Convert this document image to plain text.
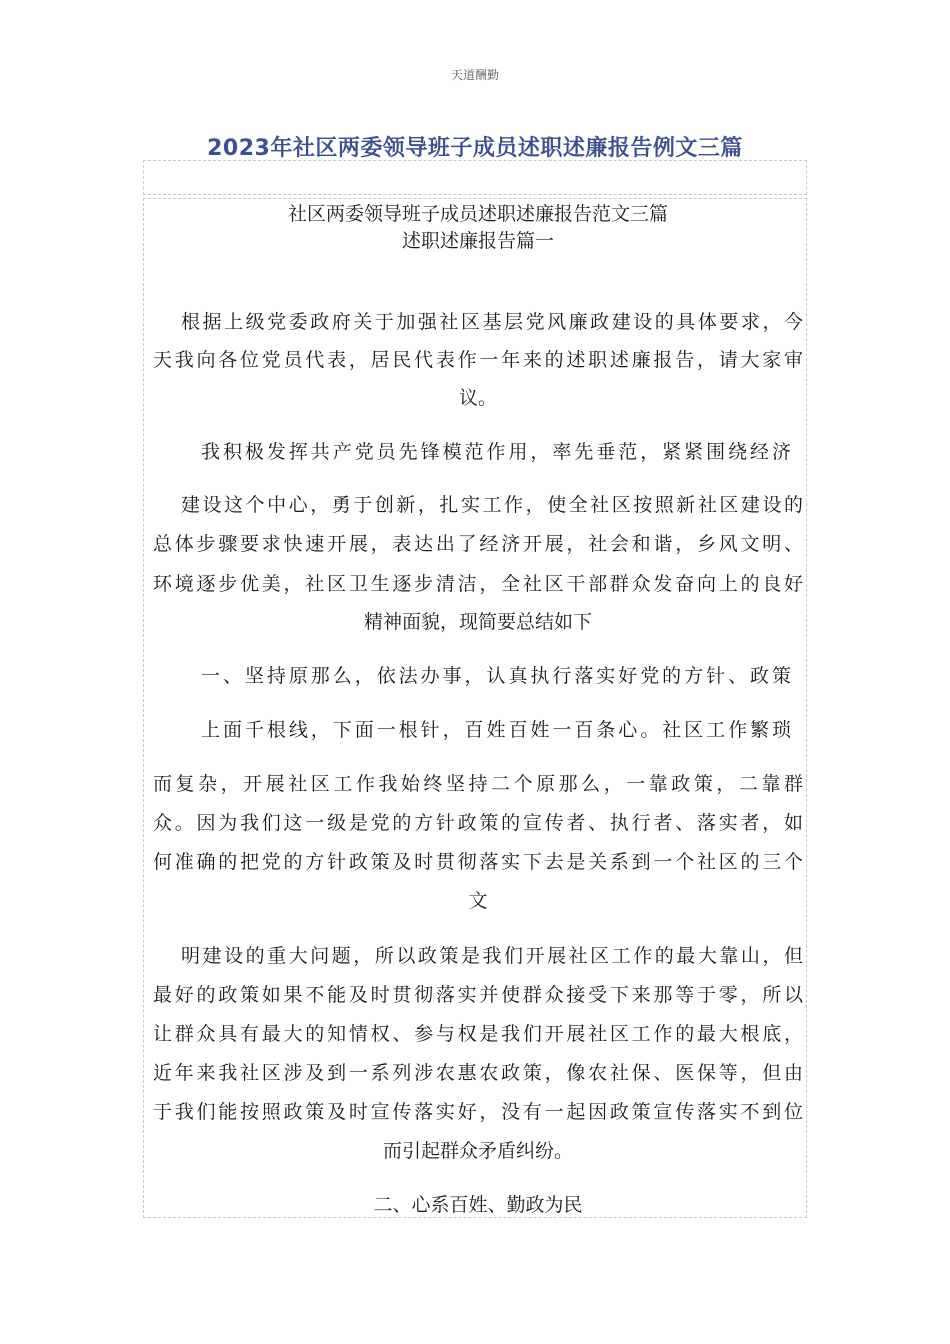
天道酬勤
2023年社区两委领导班子成员述职述廉报告例文三篇
社区两委领导班子成员述职述廉报告范文三篇
述职述廉报告篇一
根据上级党委政府关于加强社区基层党风廉政建设的具体要求，今
天我向各位党员代表，居民代表作一年来的述职述廉报告，请大家审
议。
我积极发挥共产党员先锋模范作用，率先垂范，紧紧围绕经济
建设这个中心，勇于创新，扎实工作，使全社区按照新社区建设的
总体步骤要求快速开展，表达出了经济开展，社会和谐，乡风文明、
环境逐步优美，社区卫生逐步清洁，全社区干部群众发奋向上的良好
精神面貌，现简要总结如下
一、坚持原那么，依法办事，认真执行落实好党的方针、政策
上面千根线，下面一根针，百姓百姓一百条心。社区工作繁琐
而复杂，开展社区工作我始终坚持二个原那么，一靠政策，二靠群
众。因为我们这一级是党的方针政策的宣传者、执行者、落实者，如
何准确的把党的方针政策及时贯彻落实下去是关系到一个社区的三个
文
明建设的重大问题，所以政策是我们开展社区工作的最大靠山，但
最好的政策如果不能及时贯彻落实并使群众接受下来那等于零，所以
让群众具有最大的知情权、参与权是我们开展社区工作的最大根底，
近年来我社区涉及到一系列涉农惠农政策，像农社保、医保等，但由
于我们能按照政策及时宣传落实好，没有一起因政策宣传落实不到位
而引起群众矛盾纠纷。
二、心系百姓、勤政为民
